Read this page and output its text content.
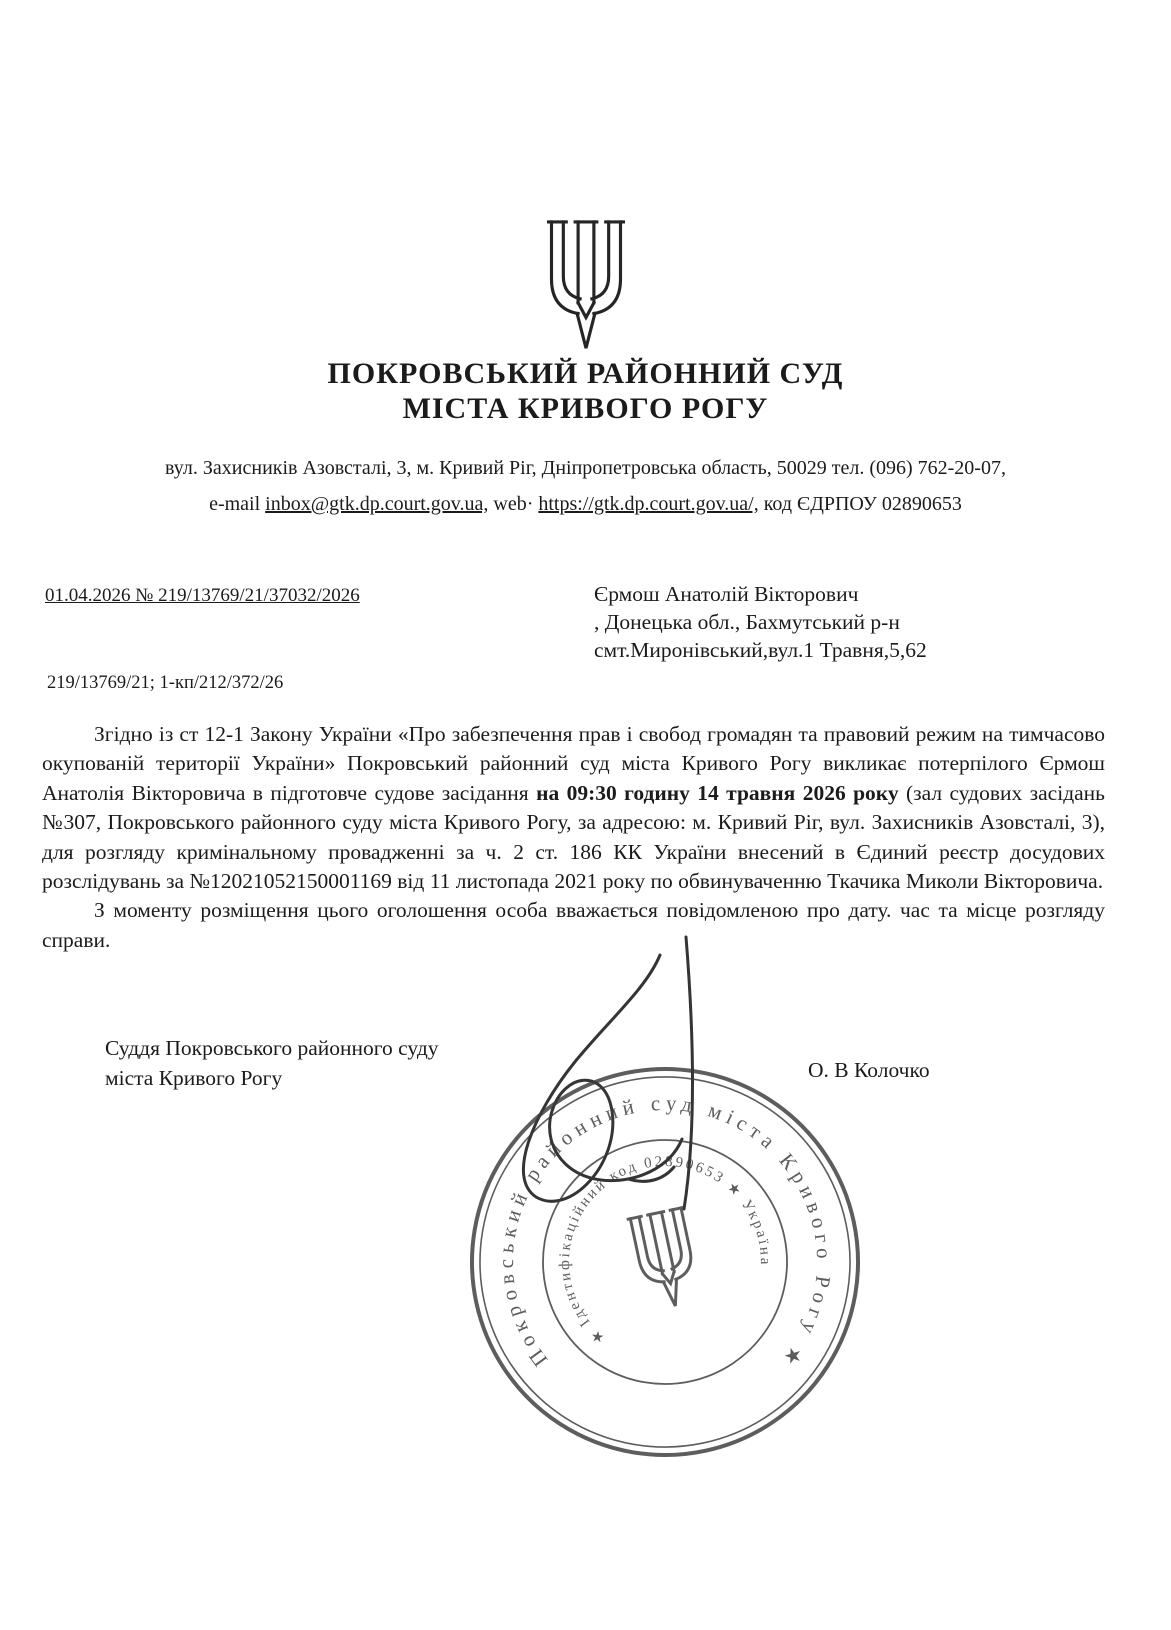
ПОКРОВСЬКИЙ РАЙОННИЙ СУД
МІСТА КРИВОГО РОГУ
вул. Захисників Азовсталі, 3, м. Кривий Ріг, Дніпропетровська область, 50029 тел. (096) 762-20-07,
e-mail inbox@gtk.dp.court.gov.ua, web· https://gtk.dp.court.gov.ua/, код ЄДРПОУ 02890653
01.04.2026 № 219/13769/21/37032/2026	Єрмош Анатолій Вікторович
, Донецька обл., Бахмутський р-н
смт.Миронівський,вул.1 Травня,5,62
219/13769/21; 1-кп/212/372/26

Згідно із ст 12-1 Закону України «Про забезпечення прав і свобод громадян та правовий режим на тимчасово окупованій території України» Покровський районний суд міста Кривого Рогу викликає потерпілого Єрмош Анатолія Вікторовича в підготовче судове засідання на 09:30 годину 14 травня 2026 року (зал судових засідань №307, Покровського районного суду міста Кривого Рогу, за адресою: м. Кривий Ріг, вул. Захисників Азовсталі, 3), для розгляду кримінальному провадженні за ч. 2 ст. 186 КК України внесений в Єдиний реєстр досудових розслідувань за №12021052150001169 від 11 листопада 2021 року по обвинуваченню Ткачика Миколи Вікторовича.

З моменту розміщення цього оголошення особа вважається повідомленою про дату. час та місце розгляду справи.

Суддя Покровського районного суду
міста Кривого Рогу	О. В Колочко
Покровський районний суд міста Кривого Рогу ★
★ Ідентифікаційний код 02890653 ★ Україна
